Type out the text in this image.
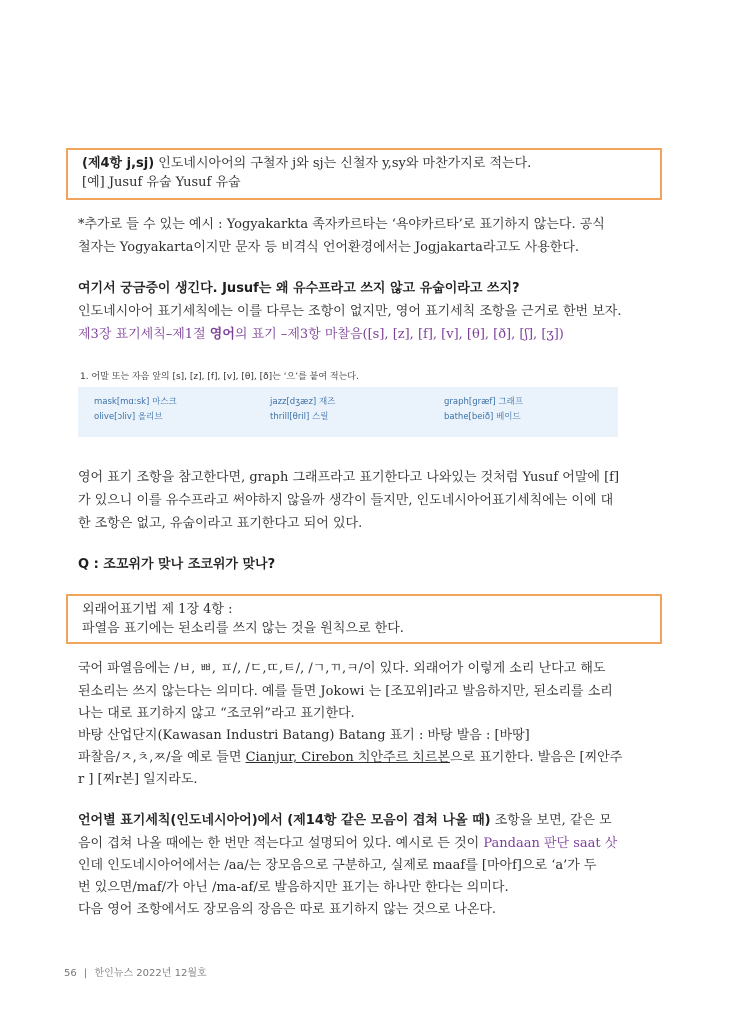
(제4항 j,sj) 인도네시아어의 구철자 j와 sj는 신철자 y,sy와 마찬가지로 적는다.
[예] Jusuf 유숩 Yusuf 유숩
*추가로 들 수 있는 예시 : Yogyakarkta 족자카르타는 ‘욕야카르타’로 표기하지 않는다. 공식
철자는 Yogyakarta이지만 문자 등 비격식 언어환경에서는 Jogjakarta라고도 사용한다.
여기서 궁금증이 생긴다. Jusuf는 왜 유수프라고 쓰지 않고 유숩이라고 쓰지?
인도네시아어 표기세칙에는 이를 다루는 조항이 없지만, 영어 표기세칙 조항을 근거로 한번 보자.
제3장 표기세칙–제1절 영어의 표기 –제3항 마찰음([s], [z], [f], [v], [θ], [ð], [ʃ], [ʒ])
1. 어말 또는 자음 앞의 [s], [z], [f], [v], [θ], [ð]는 ‘으’를 붙여 적는다.
mask[mɑːsk] 마스크	jazz[dʒæz] 재즈	graph[græf] 그래프
olive[ɔliv] 올리브	thrill[θril] 스릴	bathe[beið] 베이드
영어 표기 조항을 참고한다면, graph 그래프라고 표기한다고 나와있는 것처럼 Yusuf 어말에 [f]
가 있으니 이를 유수프라고 써야하지 않을까 생각이 들지만, 인도네시아어표기세칙에는 이에 대
한 조항은 없고, 유숩이라고 표기한다고 되어 있다.
Q : 조꼬위가 맞나 조코위가 맞나?
외래어표기법 제 1장 4항 :
파열음 표기에는 된소리를 쓰지 않는 것을 원칙으로 한다.
국어 파열음에는 /ㅂ, ㅃ, ㅍ/, /ㄷ,ㄸ,ㅌ/, /ㄱ,ㄲ,ㅋ/이 있다. 외래어가 이렇게 소리 난다고 해도
된소리는 쓰지 않는다는 의미다. 예를 들면 Jokowi 는 [조꼬위]라고 발음하지만, 된소리를 소리
나는 대로 표기하지 않고 “조코위”라고 표기한다.
바탕 산업단지(Kawasan Industri Batang) Batang 표기 : 바탕 발음 : [바땅]
파찰음/ㅈ,ㅊ,ㅉ/을 예로 들면 Cianjur, Cirebon 치안주르 치르본으로 표기한다. 발음은 [찌안주
r ] [찌r본] 일지라도.
언어별 표기세칙(인도네시아어)에서 (제14항 같은 모음이 겹쳐 나올 때) 조항을 보면, 같은 모
음이 겹쳐 나올 때에는 한 번만 적는다고 설명되어 있다. 예시로 든 것이 Pandaan 판단 saat 삿
인데 인도네시아어에서는 /aa/는 장모음으로 구분하고, 실제로 maaf를 [마아f]으로 ‘a’가 두
번 있으면/maf/가 아닌 /ma-af/로 발음하지만 표기는 하나만 한다는 의미다.
다음 영어 조항에서도 장모음의 장음은 따로 표기하지 않는 것으로 나온다.
56 | 한인뉴스 2022년 12월호
